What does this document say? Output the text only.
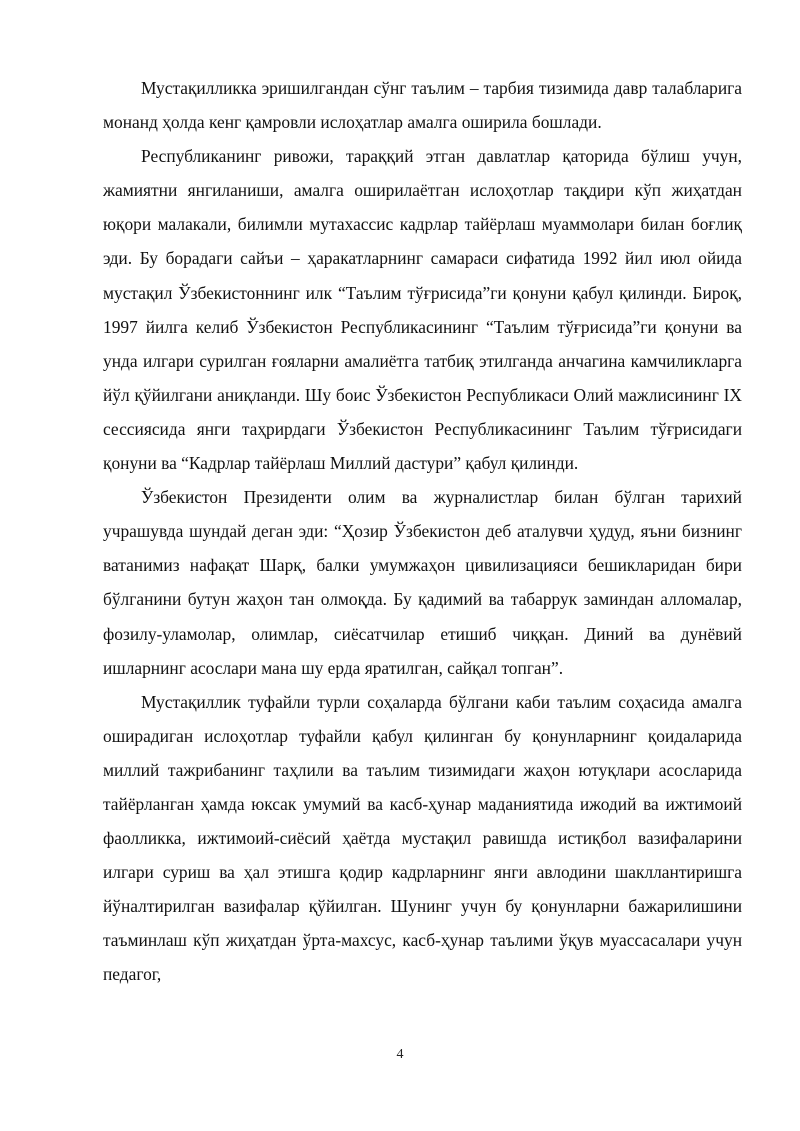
Мустақилликка эришилгандан сўнг таълим – тарбия тизимида давр талабларига монанд ҳолда кенг қамровли ислоҳатлар амалга оширила бошлади.

Республиканинг ривожи, тараққий этган давлатлар қаторида бўлиш учун, жамиятни янгиланиши, амалга оширилаётган ислоҳотлар тақдири кўп жиҳатдан юқори малакали, билимли мутахассис кадрлар тайёрлаш муаммолари билан боғлиқ эди. Бу борадаги сайъи – ҳаракатларнинг самараси сифатида 1992 йил июл ойида мустақил Ўзбекистоннинг илк “Таълим тўғрисида”ги қонуни қабул қилинди. Бироқ, 1997 йилга келиб Ўзбекистон Республикасининг “Таълим тўғрисида”ги қонуни ва унда илгари сурилган ғояларни амалиётга татбиқ этилганда анчагина камчиликларга йўл қўйилгани аниқланди. Шу боис Ўзбекистон Республикаси Олий мажлисининг IX сессиясида янги таҳрирдаги Ўзбекистон Республикасининг Таълим тўғрисидаги қонуни ва “Кадрлар тайёрлаш Миллий дастури” қабул қилинди.

Ўзбекистон Президенти олим ва журналистлар билан бўлган тарихий учрашувда шундай деган эди: “Ҳозир Ўзбекистон деб аталувчи ҳудуд, яъни бизнинг ватанимиз нафақат Шарқ, балки умумжаҳон цивилизацияси бешикларидан бири бўлганини бутун жаҳон тан олмоқда. Бу қадимий ва табаррук заминдан алломалар, фозилу-уламолар, олимлар, сиёсатчилар етишиб чиққан. Диний ва дунёвий ишларнинг асослари мана шу ерда яратилган, сайқал топган”.

Мустақиллик туфайли турли соҳаларда бўлгани каби таълим соҳасида амалга оширадиган ислоҳотлар туфайли қабул қилинган бу қонунларнинг қоидаларида миллий тажрибанинг таҳлили ва таълим тизимидаги жаҳон ютуқлари асосларида тайёрланган ҳамда юксак умумий ва касб-ҳунар маданиятида ижодий ва ижтимоий фаолликка, ижтимоий-сиёсий ҳаётда мустақил равишда истиқбол вазифаларини илгари суриш ва ҳал этишга қодир кадрларнинг янги авлодини шакллантиришга йўналтирилган вазифалар қўйилган. Шунинг учун бу қонунларни бажарилишини таъминлаш кўп жиҳатдан ўрта-махсус, касб-ҳунар таълими ўқув муассасалари учун педагог,

4
